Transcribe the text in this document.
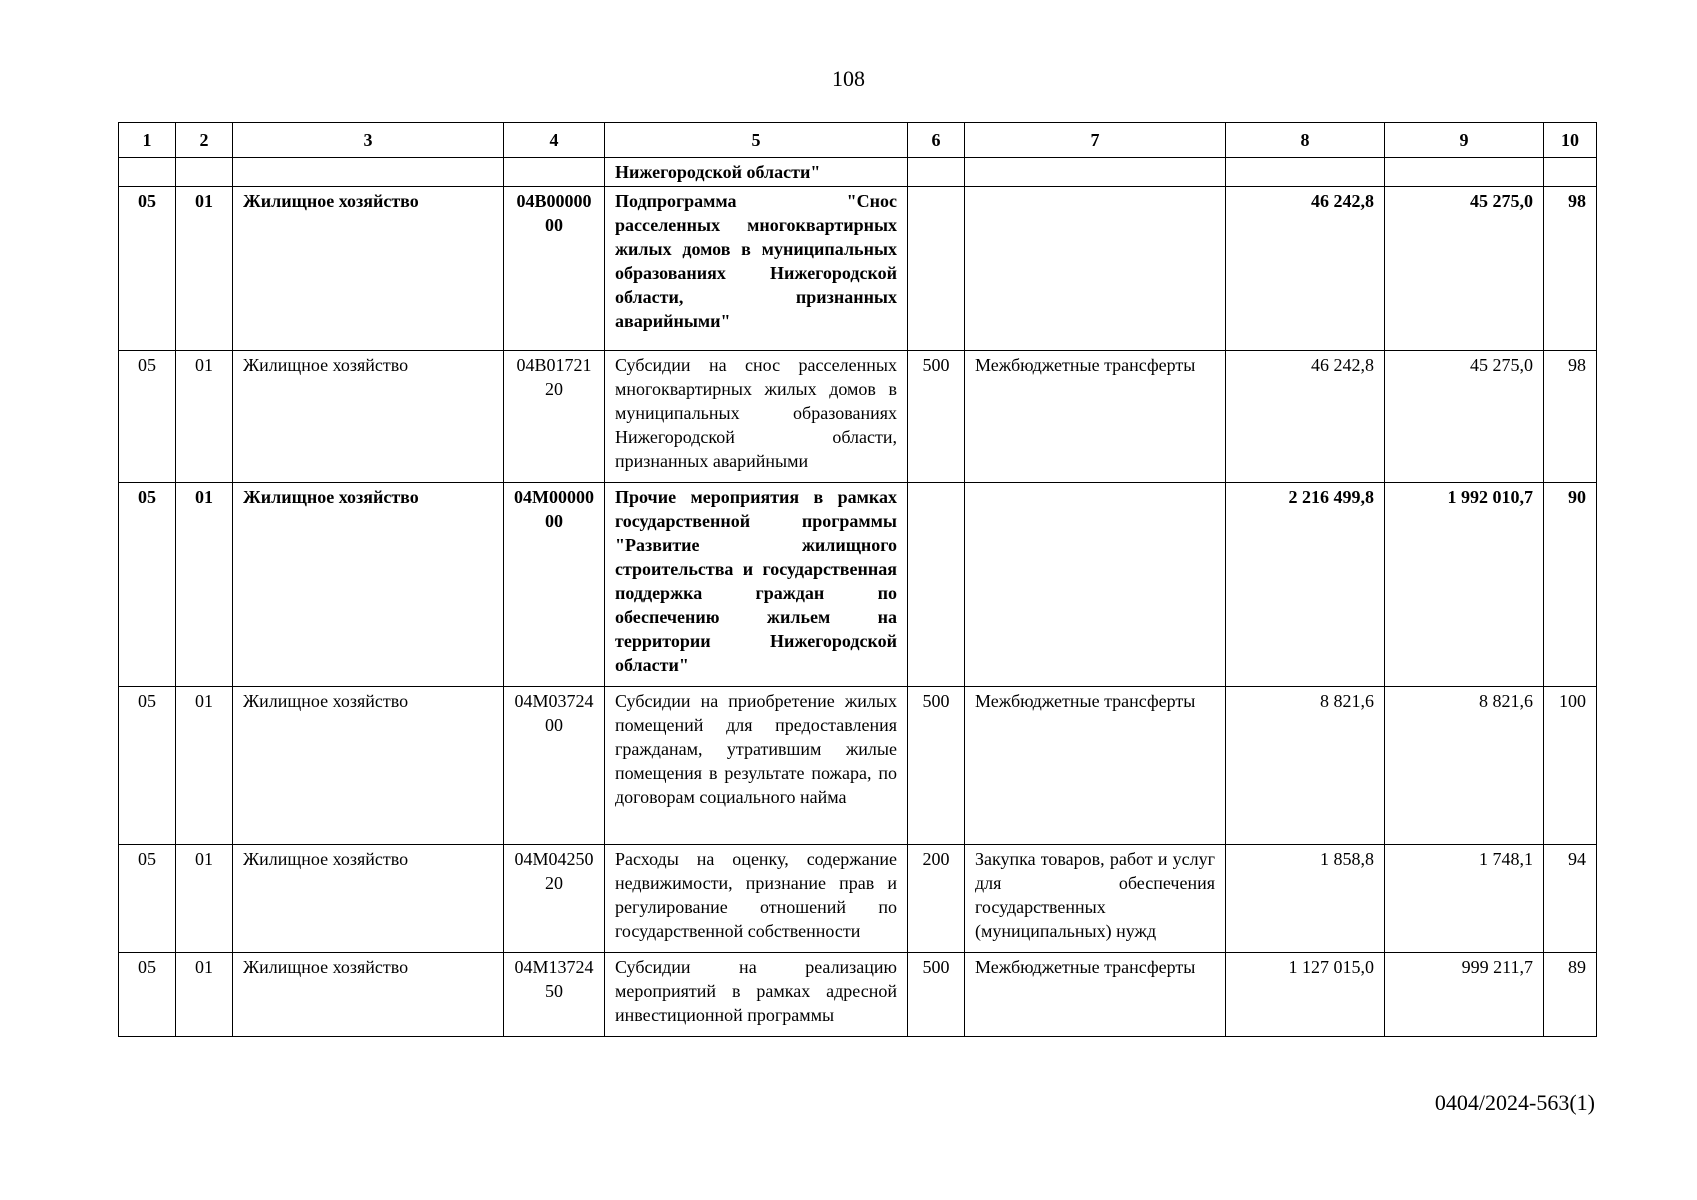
108
1	2	3	4	5	6	7	8	9	10
				Нижегородской области"					
05	01	Жилищное хозяйство	04В0000000	Подпрограмма "Снос расселенных многоквартирных жилых домов в муниципальных образованиях Нижегородской области, признанных аварийными"			46 242,8	45 275,0	98
05	01	Жилищное хозяйство	04В0172120	Субсидии на снос расселенных многоквартирных жилых домов в муниципальных образованиях Нижегородской области, признанных аварийными	500	Межбюджетные трансферты	46 242,8	45 275,0	98
05	01	Жилищное хозяйство	04М0000000	Прочие мероприятия в рамках государственной программы "Развитие жилищного строительства и государственная поддержка граждан по обеспечению жильем на территории Нижегородской области"			2 216 499,8	1 992 010,7	90
05	01	Жилищное хозяйство	04М0372400	Субсидии на приобретение жилых помещений для предоставления гражданам, утратившим жилые помещения в результате пожара, по договорам социального найма	500	Межбюджетные трансферты	8 821,6	8 821,6	100
05	01	Жилищное хозяйство	04М0425020	Расходы на оценку, содержание недвижимости, признание прав и регулирование отношений по государственной собственности	200	Закупка товаров, работ и услуг для обеспечения государственных (муниципальных) нужд	1 858,8	1 748,1	94
05	01	Жилищное хозяйство	04М1372450	Субсидии на реализацию мероприятий в рамках адресной инвестиционной программы	500	Межбюджетные трансферты	1 127 015,0	999 211,7	89
0404/2024-563(1)
